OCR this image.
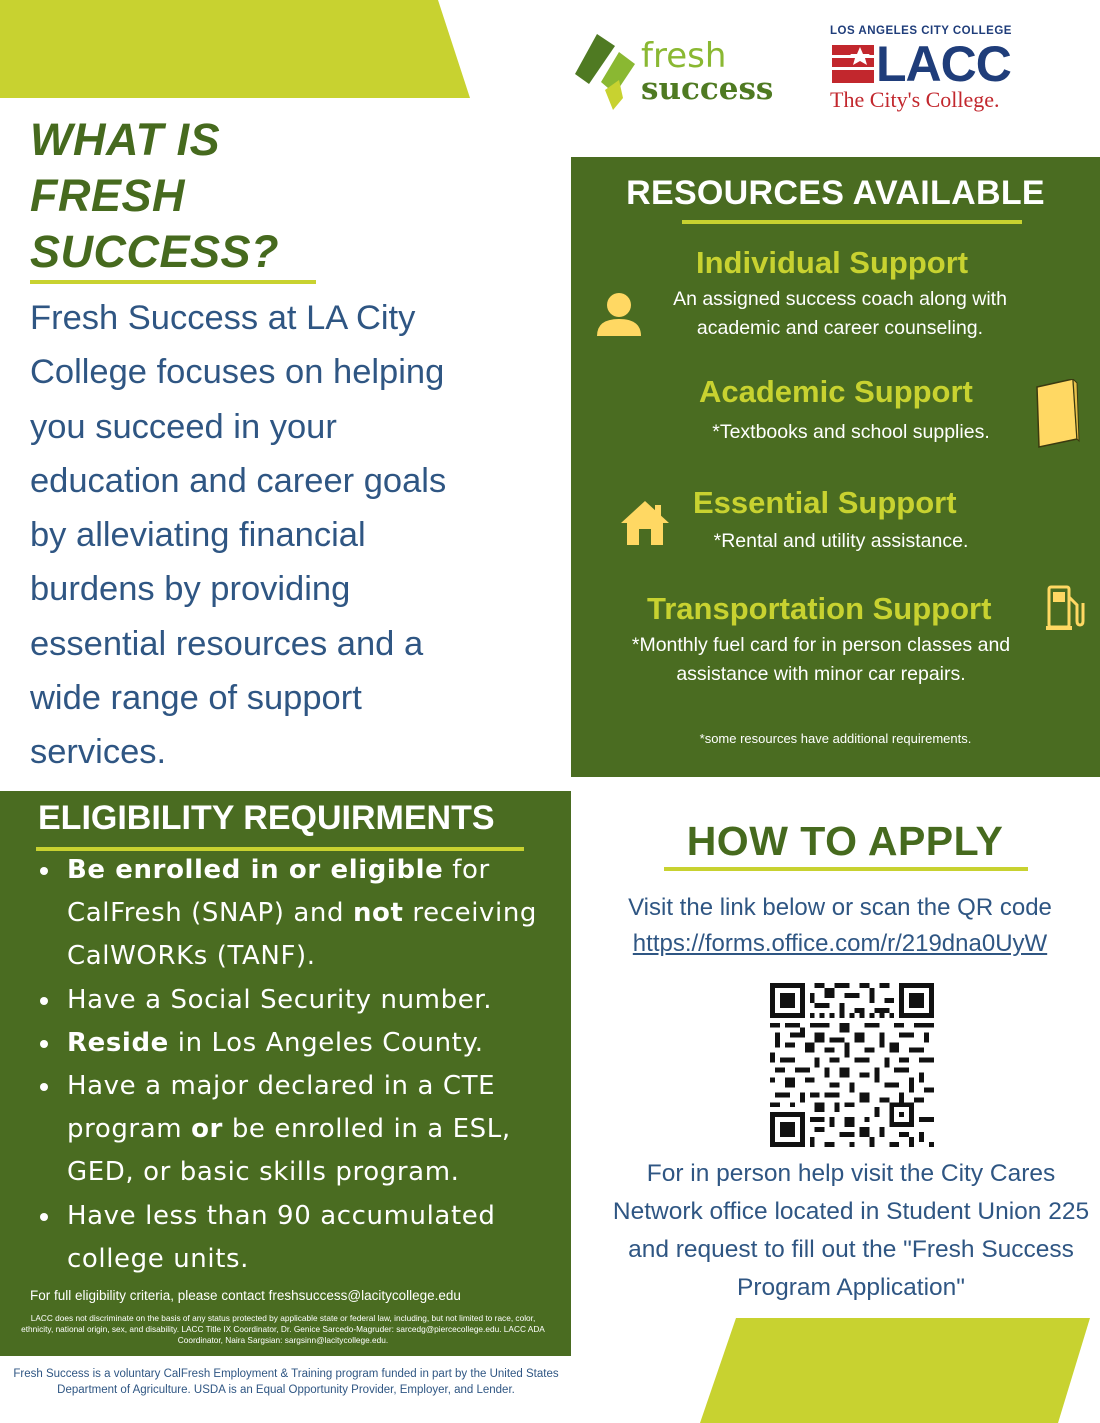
WHAT IS
FRESH
SUCCESS?
Fresh Success at LA City
College focuses on helping
you succeed in your
education and career goals
by alleviating financial
burdens by providing
essential resources and a
wide range of support
services.
fresh
success
LOS ANGELES CITY COLLEGE
LACC
The City's College.
RESOURCES AVAILABLE
Individual Support
An assigned success coach along with
academic and career counseling.
Academic Support
*Textbooks and school supplies.
Essential Support
*Rental and utility assistance.
Transportation Support
*Monthly fuel card for in person classes and
assistance with minor car repairs.
*some resources have additional requirements.
ELIGIBILITY REQUIRMENTS
Be enrolled in or eligible for CalFresh (SNAP) and not receiving CalWORKs (TANF).
Have a Social Security number.
Reside in Los Angeles County.
Have a major declared in a CTE program or be enrolled in a ESL, GED, or basic skills program.
Have less than 90 accumulated college units.
For full eligibility criteria, please contact freshsuccess@lacitycollege.edu
LACC does not discriminate on the basis of any status protected by applicable state or federal law, including, but not limited to race, color, ethnicity, national origin, sex, and disability. LACC Title IX Coordinator, Dr. Genice Sarcedo-Magruder: sarcedg@piercecollege.edu. LACC ADA Coordinator, Naira Sargsian: sargsinn@lacitycollege.edu.
Fresh Success is a voluntary CalFresh Employment & Training program funded in part by the United States Department of Agriculture. USDA is an Equal Opportunity Provider, Employer, and Lender.
HOW TO APPLY
Visit the link below or scan the QR code
https://forms.office.com/r/219dna0UyW
For in person help visit the City Cares Network office located in Student Union 225 and request to fill out the "Fresh Success Program Application"
